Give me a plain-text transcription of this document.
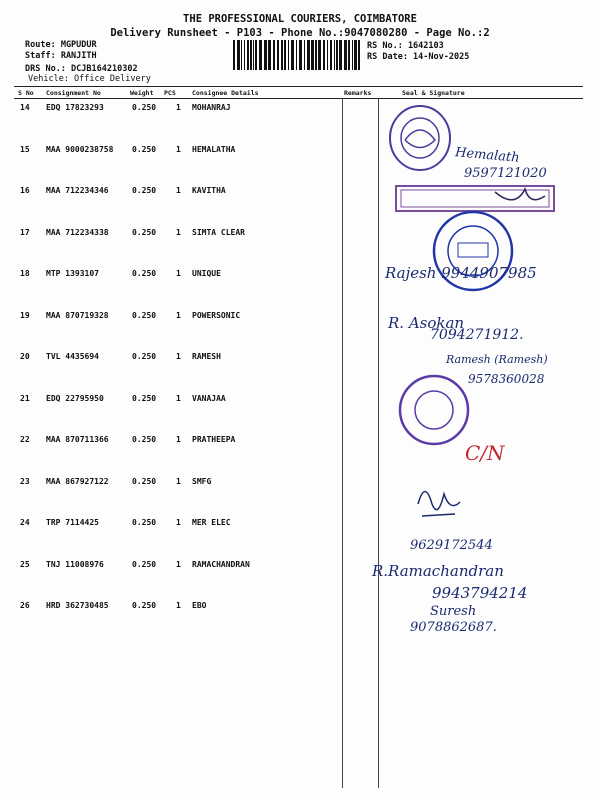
THE PROFESSIONAL COURIERS, COIMBATORE
Delivery Runsheet - P103 - Phone No.:9047080280 - Page No.:2
Route: MGPUDUR
Staff: RANJITH
DRS No.: DCJB164210302
Vehicle: Office Delivery
RS No.: 1642103
RS Date: 14-Nov-2025
S No Consignment No	Weight PCS	Consignee Details	Remarks	Seal & Signature
14 EDQ 17823293	0.250 1 MOHANRAJ
15 MAA 9000238758 0.250 1 HEMALATHA
16 MAA 712234346	0.250 1 KAVITHA
17 MAA 712234338	0.250 1 SIMTA CLEAR
18 MTP 1393107	0.250 1 UNIQUE
19 MAA 870719328	0.250 1 POWERSONIC
20 TVL 4435694	0.250 1 RAMESH
21 EDQ 22795950	0.250 1 VANAJAA
22 MAA 870711366	0.250 1 PRATHEEPA
23 MAA 867927122	0.250 1 SMFG
24 TRP 7114425	0.250 1 MER ELEC
25 TNJ 11008976	0.250 1 RAMACHANDRAN
26 HRD 362730485	0.250 1 EBO
Hemalath
9597121020
Rajesh 9944907985
R. Asokan
7094271912.
Ramesh (Ramesh)
9578360028
C/N
9629172544
R.Ramachandran
9943794214
Suresh
9078862687.
